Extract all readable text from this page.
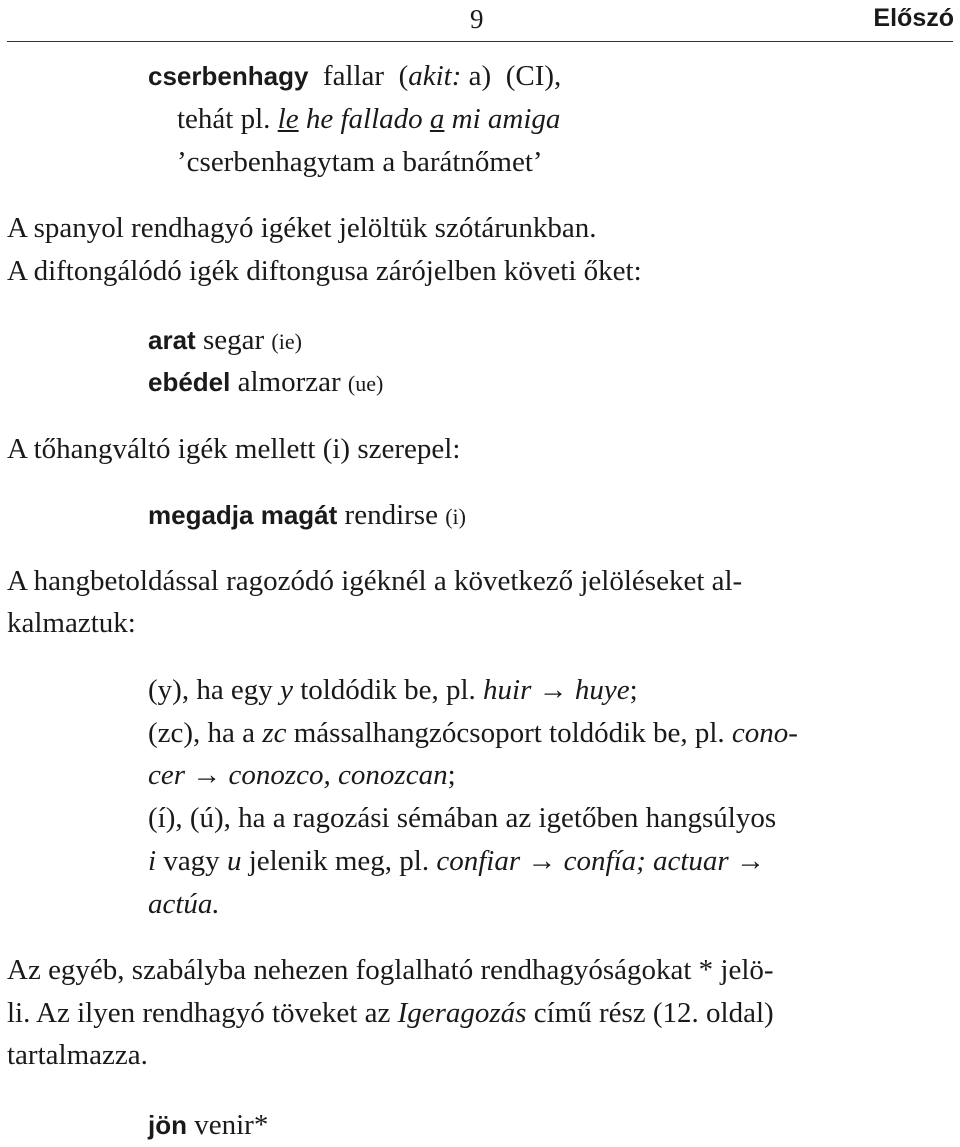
9	Előszó
cserbenhagy fallar (akit: a) (CI),
tehát pl. le he fallado a mi amiga
’cserbenhagytam a barátnőmet’
A spanyol rendhagyó igéket jelöltük szótárunkban.
A diftongálódó igék diftongusa zárójelben követi őket:
arat segar (ie)
ebédel almorzar (ue)
A tőhangváltó igék mellett (i) szerepel:
megadja magát rendirse (i)
A hangbetoldással ragozódó igéknél a következő jelöléseket al-
kalmaztuk:
(y), ha egy y toldódik be, pl. huir → huye;
(zc), ha a zc mássalhangzócsoport toldódik be, pl. cono-
cer → conozco, conozcan;
(í), (ú), ha a ragozási sémában az igetőben hangsúlyos
i vagy u jelenik meg, pl. confiar → confía; actuar →
actúa.
Az egyéb, szabályba nehezen foglalható rendhagyóságokat * jelö-
li. Az ilyen rendhagyó töveket az Igeragozás című rész (12. oldal)
tartalmazza.
jön venir*
